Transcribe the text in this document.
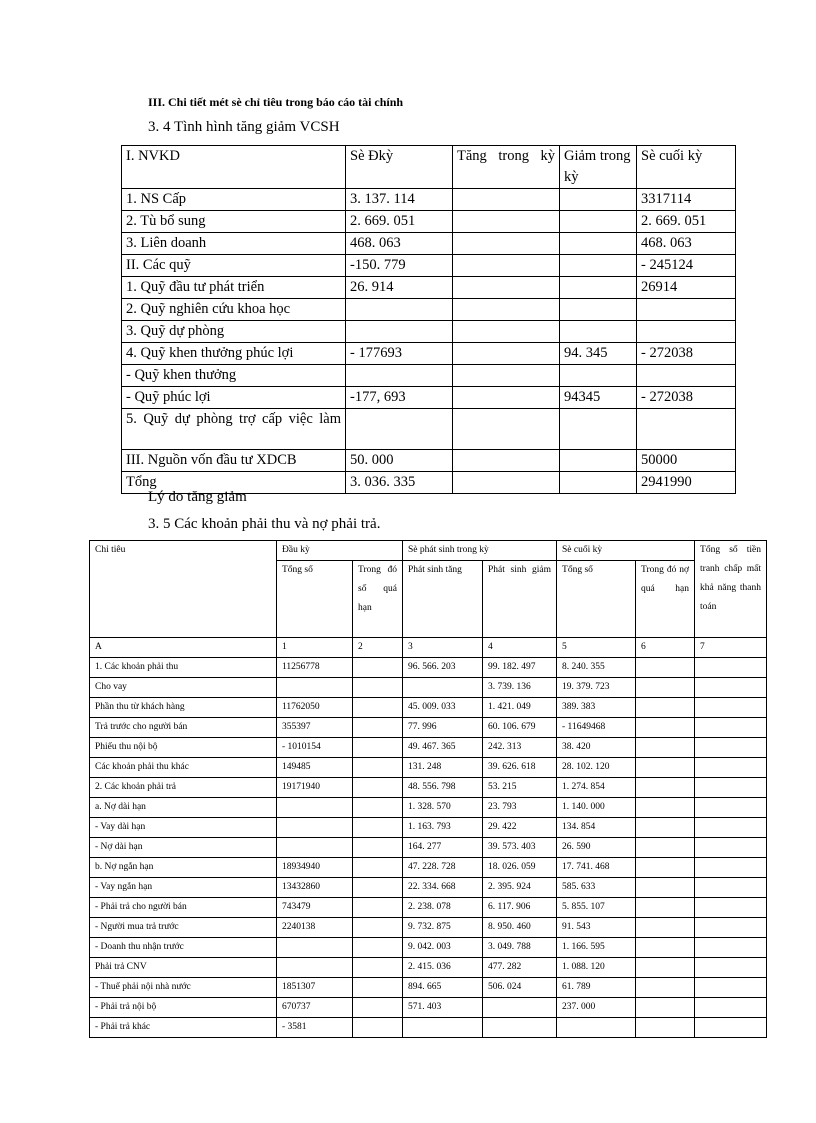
III. Chi tiết mét sè chỉ tiêu trong báo cáo tài chính
3. 4 Tình hình tăng giảm VCSH
I. NVKD	Sè Đkỳ	Tăng trong kỳ	Giảm trong kỳ	Sè cuối kỳ
1. NS Cấp	3. 137. 114			3317114
2. Tù bổ sung	2. 669. 051			2. 669. 051
3. Liên doanh	468. 063			468. 063
II. Các quỹ	-150. 779			- 245124
1. Quỹ đầu tư phát triển	26. 914			26914
2. Quỹ nghiên cứu khoa học				
3. Quỹ dự phòng				
4. Quỹ khen thưởng phúc lợi	- 177693		94. 345	- 272038
- Quỹ khen thưởng				
- Quỹ phúc lợi	-177, 693		94345	- 272038
5. Quỹ dự phòng trợ cấp việc làm				
III. Nguồn vốn đầu tư XDCB	50. 000			50000
Tổng	3. 036. 335			2941990
Lý do tăng giảm
3. 5 Các khoản phải thu và nợ phải trả.
Chỉ tiêu	Đầu kỳ		Sè phát sinh trong kỳ		Sè cuối kỳ		Tổng số tiền tranh chấp mất khả năng thanh toán
	Tổng số	Trong đó số quá hạn	Phát sinh tăng	Phát sinh giảm	Tổng số	Trong đó nợ quá hạn	
A	1	2	3	4	5	6	7
1. Các khoản phải thu	11256778		96. 566. 203	99. 182. 497	8. 240. 355		
Cho vay				3. 739. 136	19. 379. 723		
Phần thu từ khách hàng	11762050		45. 009. 033	1. 421. 049	389. 383		
Trả trước cho người bán	355397		77. 996	60. 106. 679	- 11649468		
Phiếu thu nội bộ	- 1010154		49. 467. 365	242. 313	38. 420		
Các khoản phải thu khác	149485		131. 248	39. 626. 618	28. 102. 120		
2. Các khoản phải trả	19171940		48. 556. 798	53. 215	1. 274. 854		
a. Nợ dài hạn			1. 328. 570	23. 793	1. 140. 000		
- Vay dài hạn			1. 163. 793	29. 422	134. 854		
- Nợ dài hạn			164. 277	39. 573. 403	26. 590		
b. Nợ ngắn hạn	18934940		47. 228. 728	18. 026. 059	17. 741. 468		
- Vay ngắn hạn	13432860		22. 334. 668	2. 395. 924	585. 633		
- Phải trả cho người bán	743479		2. 238. 078	6. 117. 906	5. 855. 107		
- Người mua trả trước	2240138		9. 732. 875	8. 950. 460	91. 543		
- Doanh thu nhận trước			9. 042. 003	3. 049. 788	1. 166. 595		
Phải trả CNV			2. 415. 036	477. 282	1. 088. 120		
- Thuế phải nội nhà nước	1851307		894. 665	506. 024	61. 789		
- Phải trả nội bộ	670737		571. 403		237. 000		
- Phải trả khác	- 3581						
